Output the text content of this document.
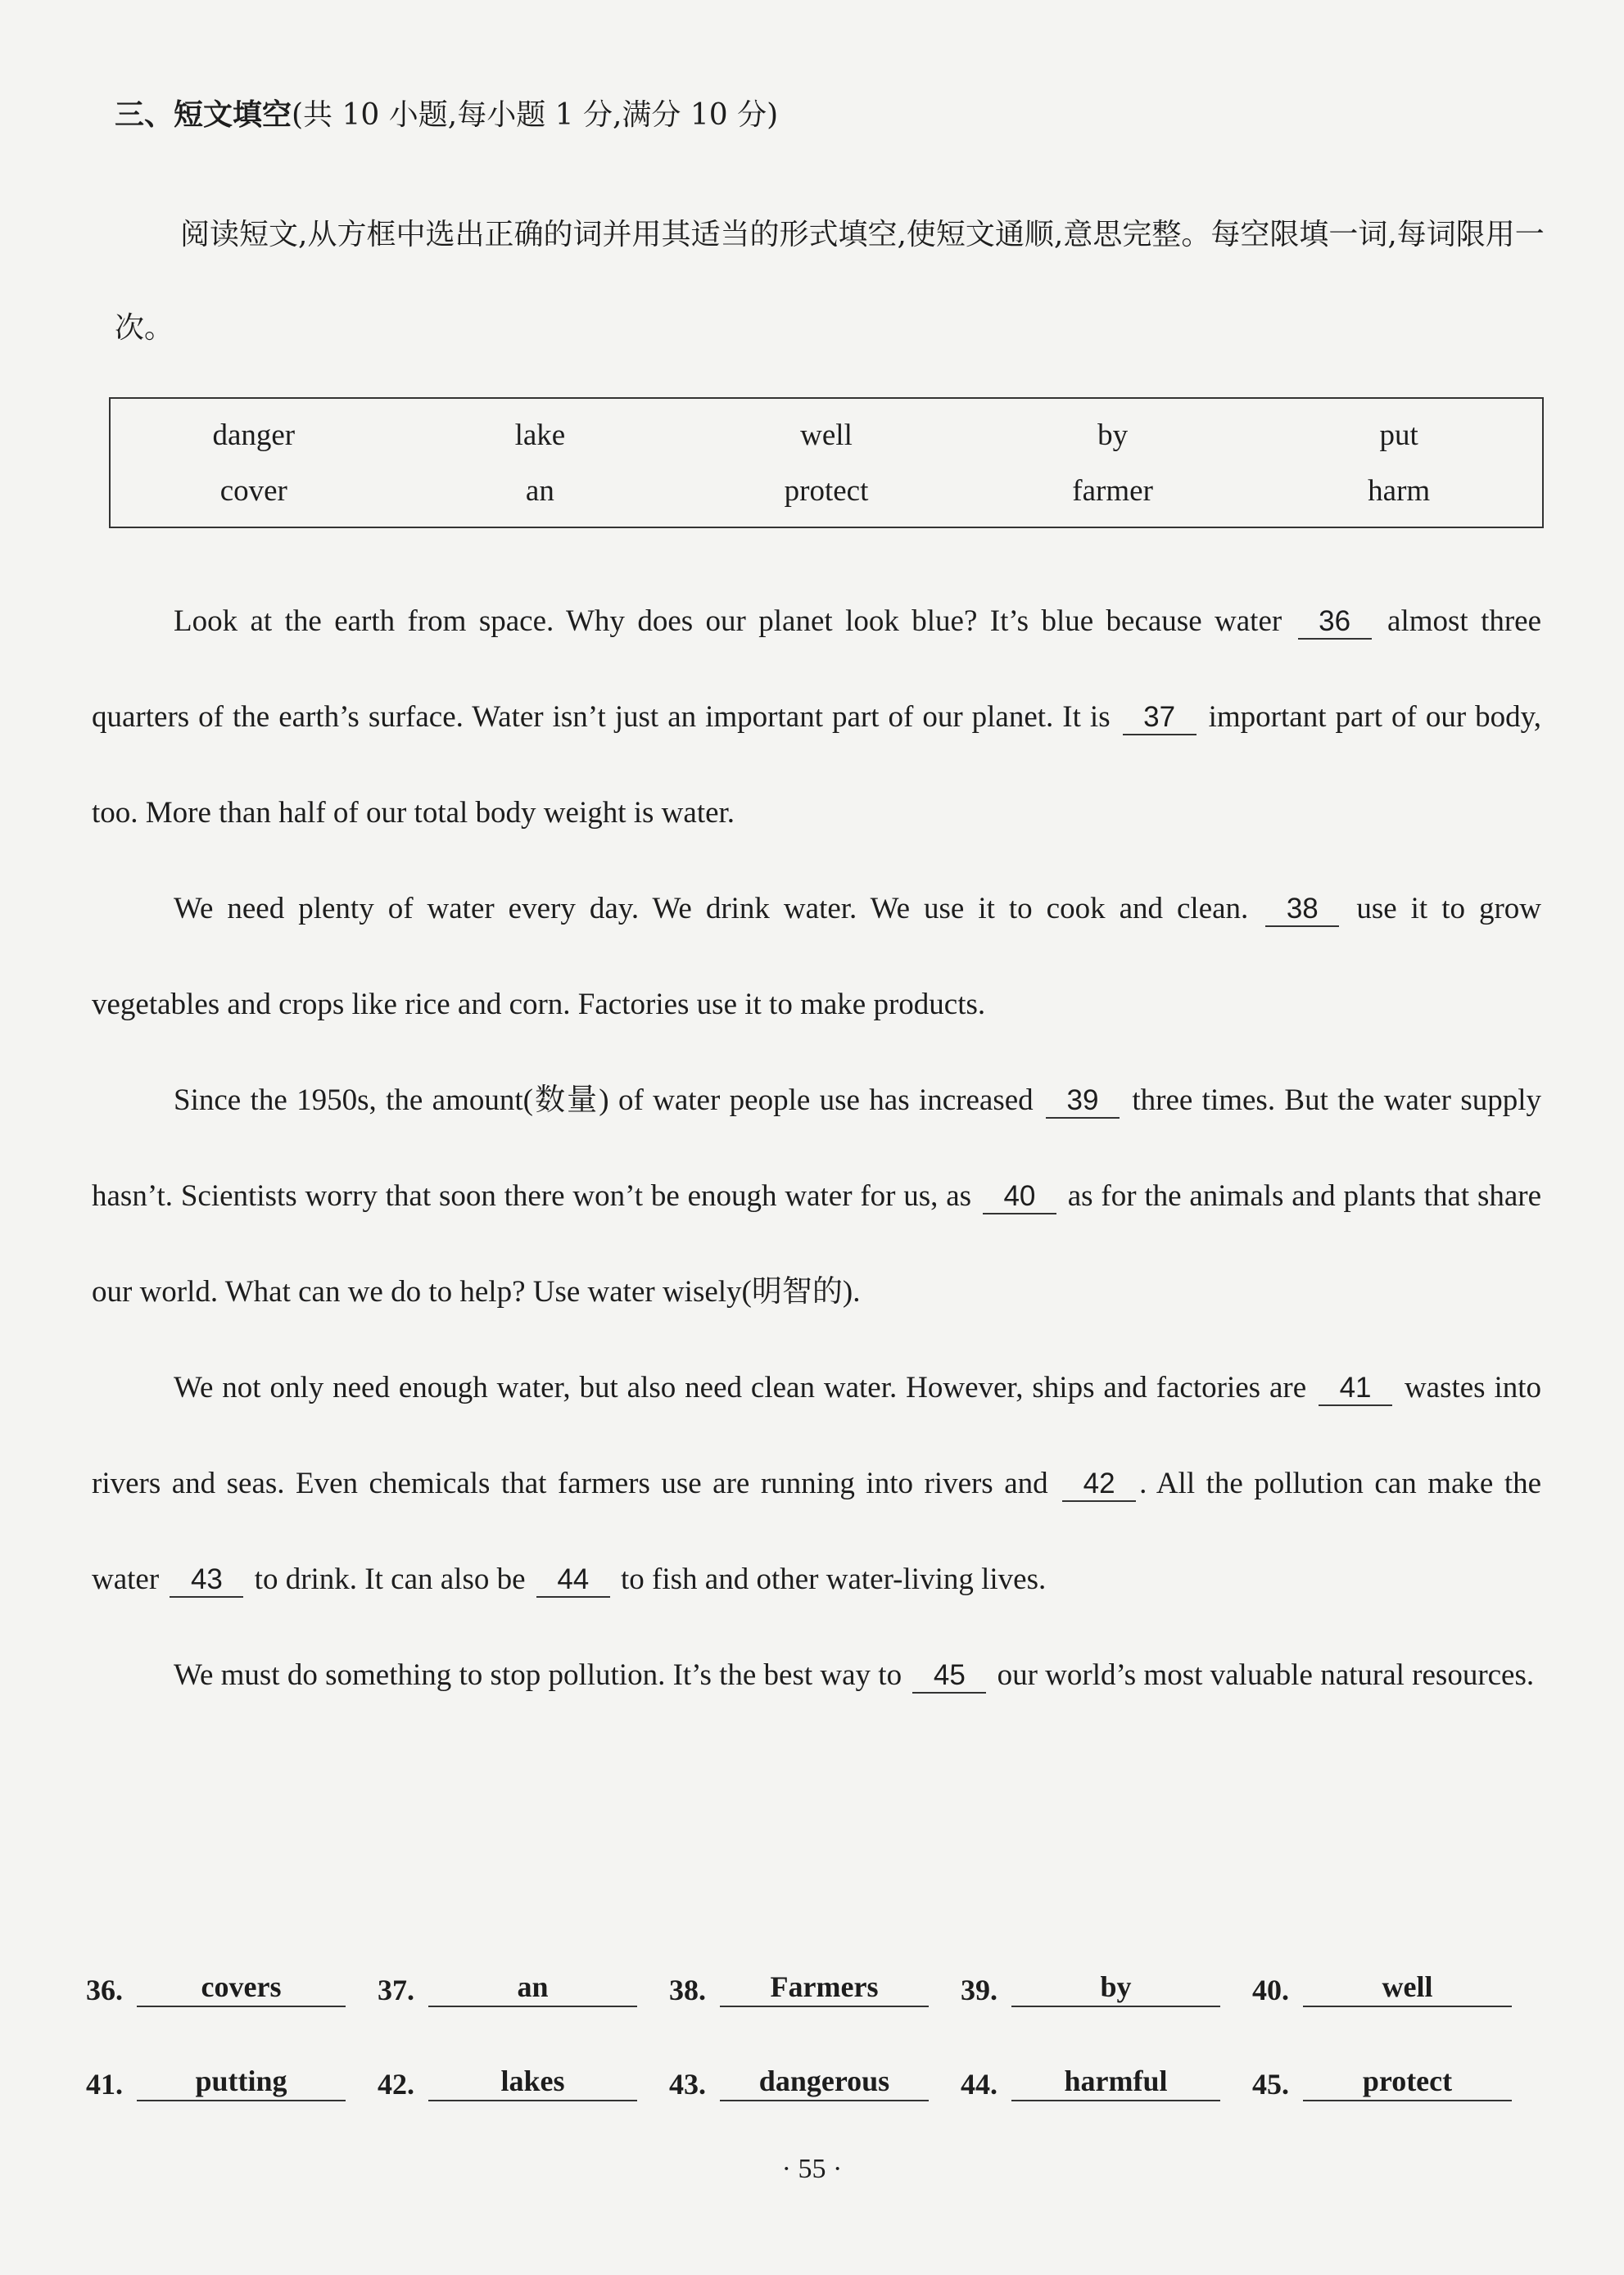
三、短文填空(共 10 小题,每小题 1 分,满分 10 分)
阅读短文,从方框中选出正确的词并用其适当的形式填空,使短文通顺,意思完整。每空限填一词,每词限用一次。
danger	lake	well	by	put
cover	an	protect	farmer	harm

Look at the earth from space. Why does our planet look blue? It’s blue because water 36 almost three quarters of the earth’s surface. Water isn’t just an important part of our planet. It is 37 important part of our body, too. More than half of our total body weight is water.

We need plenty of water every day. We drink water. We use it to cook and clean. 38 use it to grow vegetables and crops like rice and corn. Factories use it to make products.

Since the 1950s, the amount(数量) of water people use has increased 39 three times. But the water supply hasn’t. Scientists worry that soon there won’t be enough water for us, as 40 as for the animals and plants that share our world. What can we do to help? Use water wisely(明智的).

We not only need enough water, but also need clean water. However, ships and factories are 41 wastes into rivers and seas. Even chemicals that farmers use are running into rivers and 42 . All the pollution can make the water 43 to drink. It can also be 44 to fish and other water-living lives.

We must do something to stop pollution. It’s the best way to 45 our world’s most valuable natural resources.

36.	covers	37.	an	38.	Farmers	39.	by	40.	well
41.	putting	42.	lakes	43.	dangerous	44.	harmful	45.	protect
· 55 ·
